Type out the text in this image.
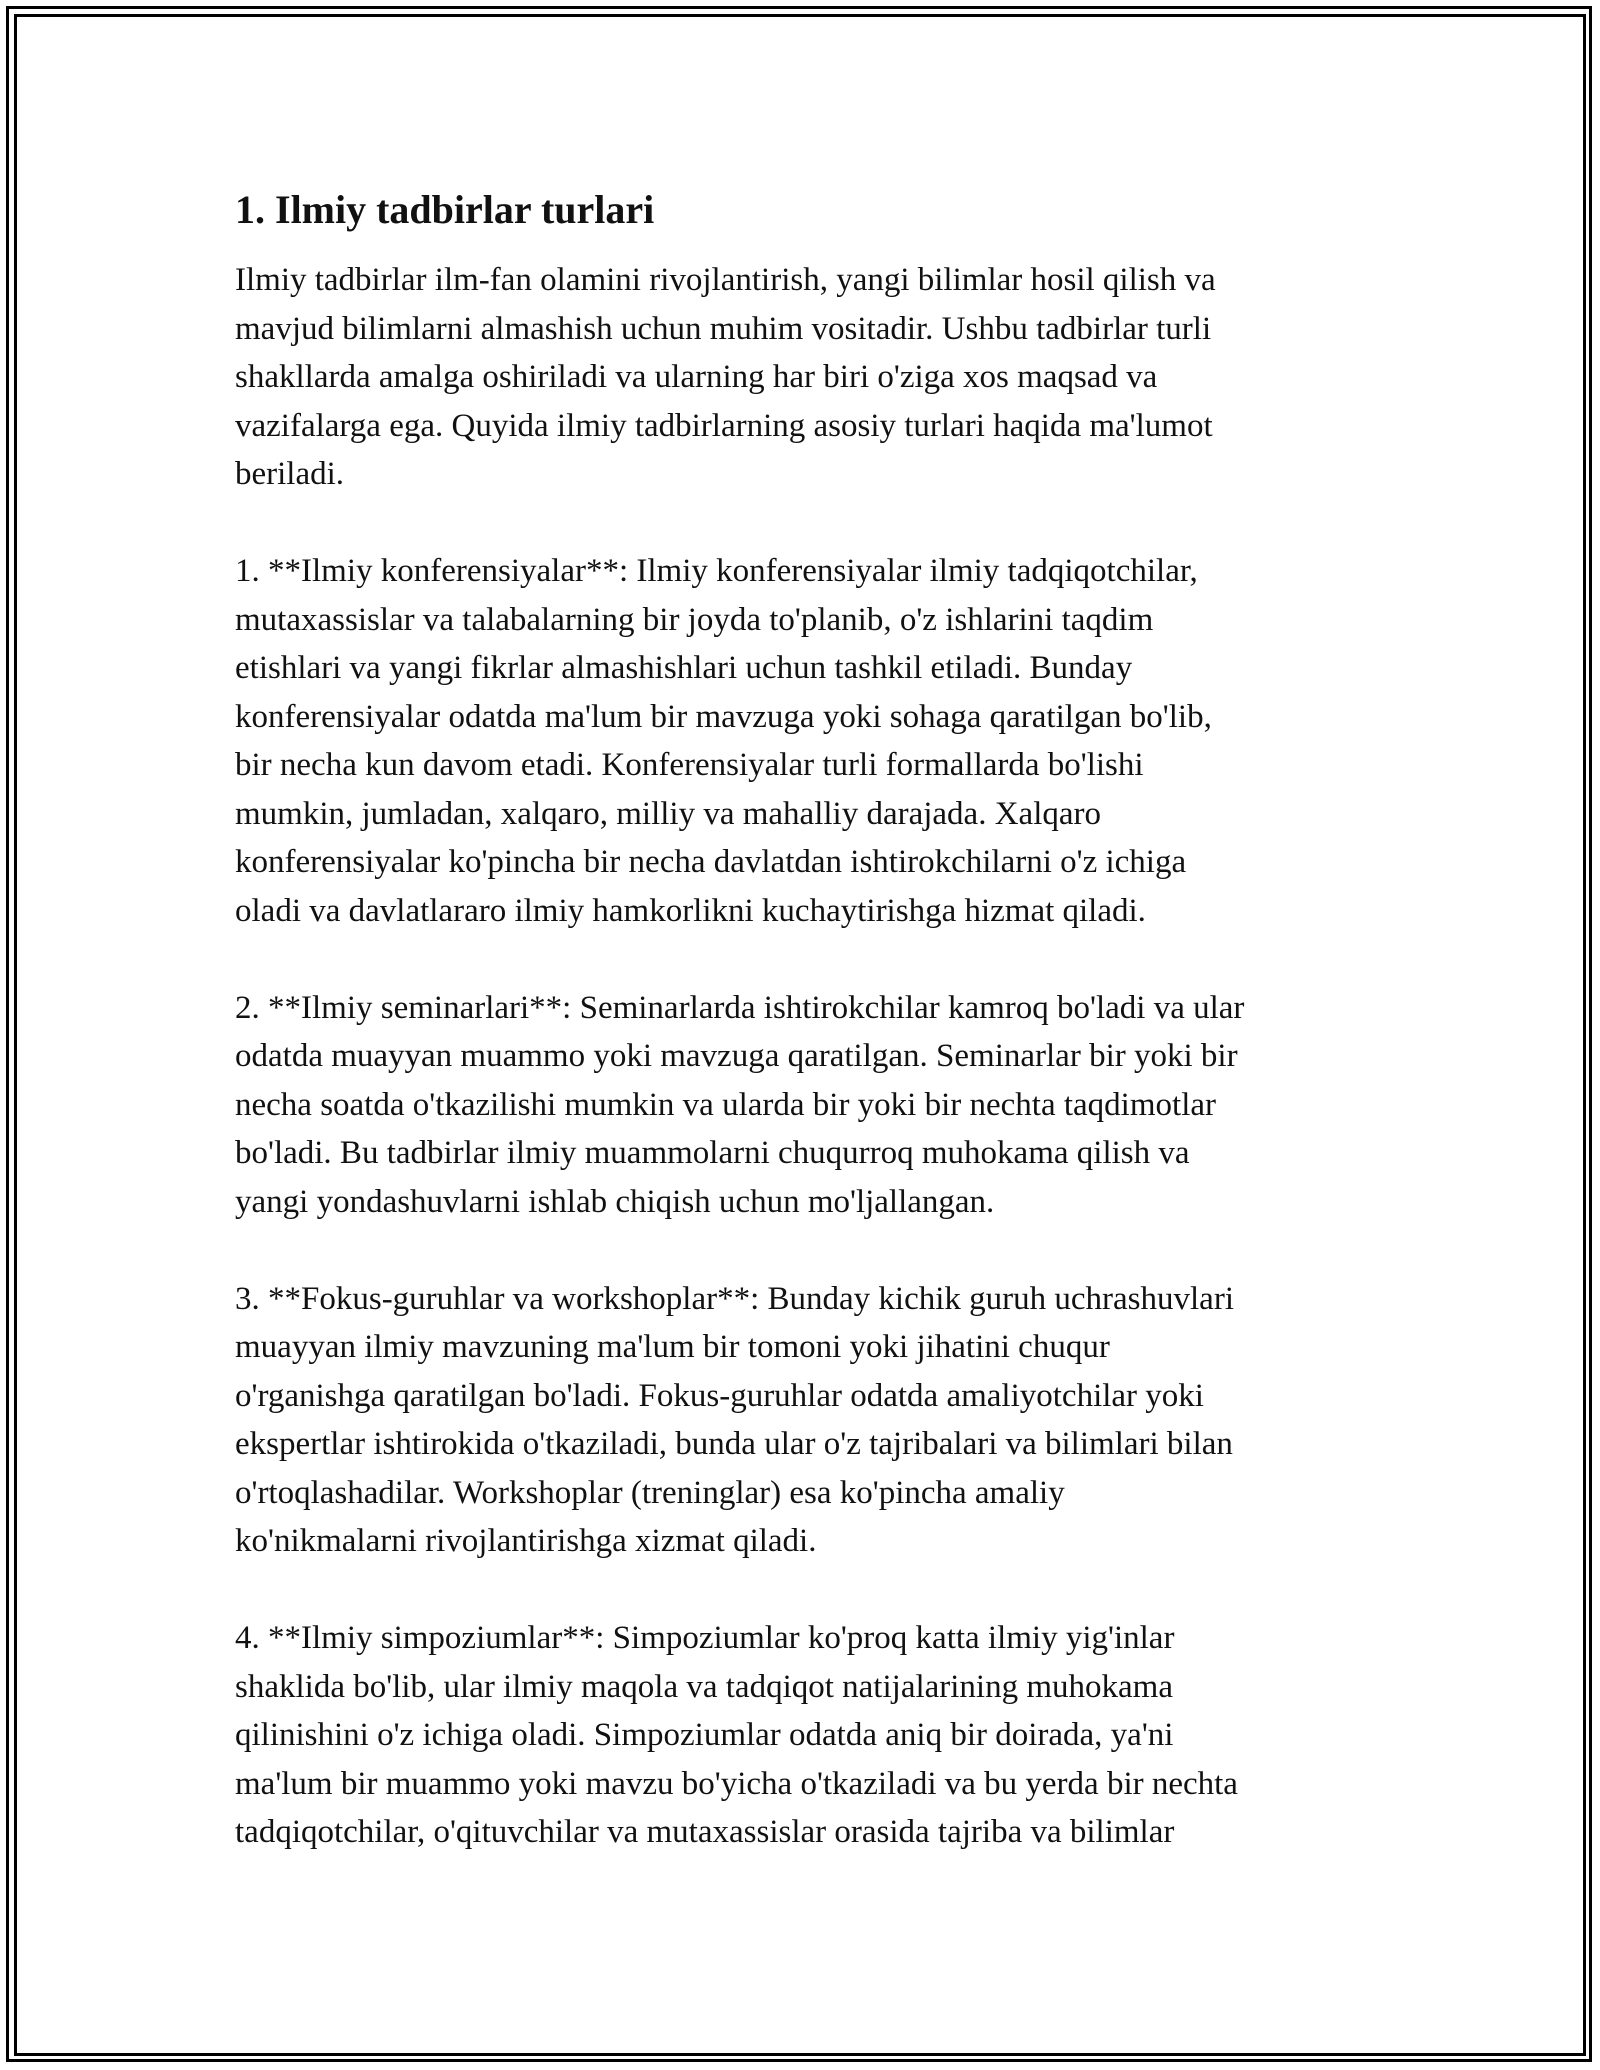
1. Ilmiy tadbirlar turlari
Ilmiy tadbirlar ilm-fan olamini rivojlantirish, yangi bilimlar hosil qilish va
mavjud bilimlarni almashish uchun muhim vositadir. Ushbu tadbirlar turli
shakllarda amalga oshiriladi va ularning har biri o'ziga xos maqsad va
vazifalarga ega. Quyida ilmiy tadbirlarning asosiy turlari haqida ma'lumot
beriladi.
1. **Ilmiy konferensiyalar**: Ilmiy konferensiyalar ilmiy tadqiqotchilar,
mutaxassislar va talabalarning bir joyda to'planib, o'z ishlarini taqdim
etishlari va yangi fikrlar almashishlari uchun tashkil etiladi. Bunday
konferensiyalar odatda ma'lum bir mavzuga yoki sohaga qaratilgan bo'lib,
bir necha kun davom etadi. Konferensiyalar turli formallarda bo'lishi
mumkin, jumladan, xalqaro, milliy va mahalliy darajada. Xalqaro
konferensiyalar ko'pincha bir necha davlatdan ishtirokchilarni o'z ichiga
oladi va davlatlararo ilmiy hamkorlikni kuchaytirishga hizmat qiladi.
2. **Ilmiy seminarlari**: Seminarlarda ishtirokchilar kamroq bo'ladi va ular
odatda muayyan muammo yoki mavzuga qaratilgan. Seminarlar bir yoki bir
necha soatda o'tkazilishi mumkin va ularda bir yoki bir nechta taqdimotlar
bo'ladi. Bu tadbirlar ilmiy muammolarni chuqurroq muhokama qilish va
yangi yondashuvlarni ishlab chiqish uchun mo'ljallangan.
3. **Fokus-guruhlar va workshoplar**: Bunday kichik guruh uchrashuvlari
muayyan ilmiy mavzuning ma'lum bir tomoni yoki jihatini chuqur
o'rganishga qaratilgan bo'ladi. Fokus-guruhlar odatda amaliyotchilar yoki
ekspertlar ishtirokida o'tkaziladi, bunda ular o'z tajribalari va bilimlari bilan
o'rtoqlashadilar. Workshoplar (treninglar) esa ko'pincha amaliy
ko'nikmalarni rivojlantirishga xizmat qiladi.
4. **Ilmiy simpoziumlar**: Simpoziumlar ko'proq katta ilmiy yig'inlar
shaklida bo'lib, ular ilmiy maqola va tadqiqot natijalarining muhokama
qilinishini o'z ichiga oladi. Simpoziumlar odatda aniq bir doirada, ya'ni
ma'lum bir muammo yoki mavzu bo'yicha o'tkaziladi va bu yerda bir nechta
tadqiqotchilar, o'qituvchilar va mutaxassislar orasida tajriba va bilimlar
